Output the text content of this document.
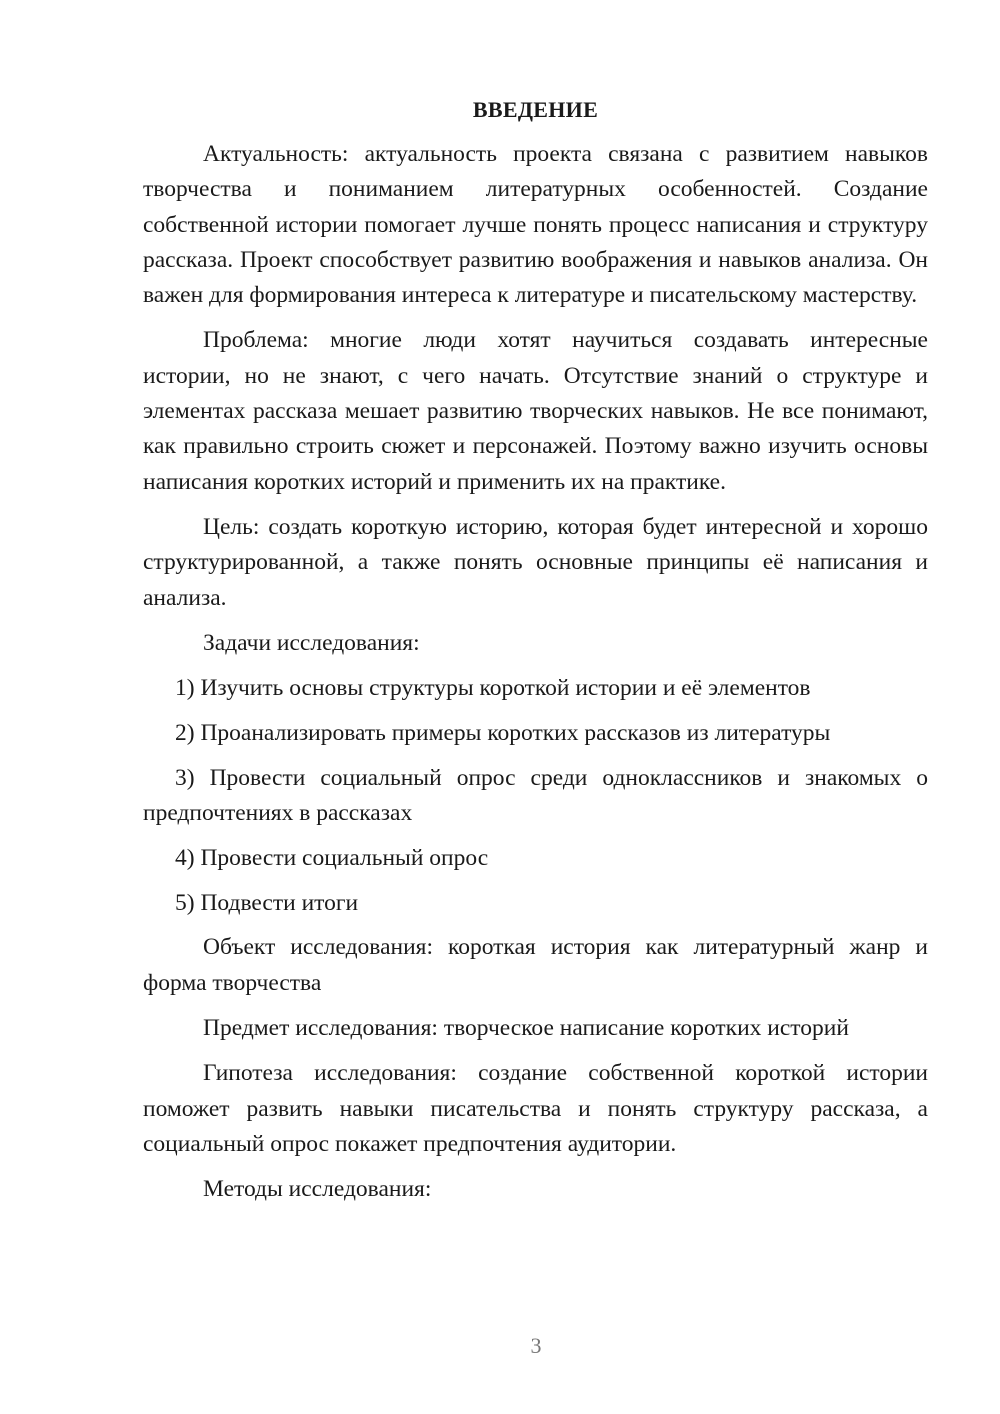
ВВЕДЕНИЕ

Актуальность: актуальность проекта связана с развитием навыков творчества и пониманием литературных особенностей. Создание собственной истории помогает лучше понять процесс написания и структуру рассказа. Проект способствует развитию воображения и навыков анализа. Он важен для формирования интереса к литературе и писательскому мастерству.

Проблема: многие люди хотят научиться создавать интересные истории, но не знают, с чего начать. Отсутствие знаний о структуре и элементах рассказа мешает развитию творческих навыков. Не все понимают, как правильно строить сюжет и персонажей. Поэтому важно изучить основы написания коротких историй и применить их на практике.

Цель: создать короткую историю, которая будет интересной и хорошо структурированной, а также понять основные принципы её написания и анализа.

Задачи исследования:

1) Изучить основы структуры короткой истории и её элементов

2) Проанализировать примеры коротких рассказов из литературы

3) Провести социальный опрос среди одноклассников и знакомых о предпочтениях в рассказах

4) Провести социальный опрос

5) Подвести итоги

Объект исследования: короткая история как литературный жанр и форма творчества

Предмет исследования: творческое написание коротких историй

Гипотеза исследования: создание собственной короткой истории поможет развить навыки писательства и понять структуру рассказа, а социальный опрос покажет предпочтения аудитории.

Методы исследования:

3
